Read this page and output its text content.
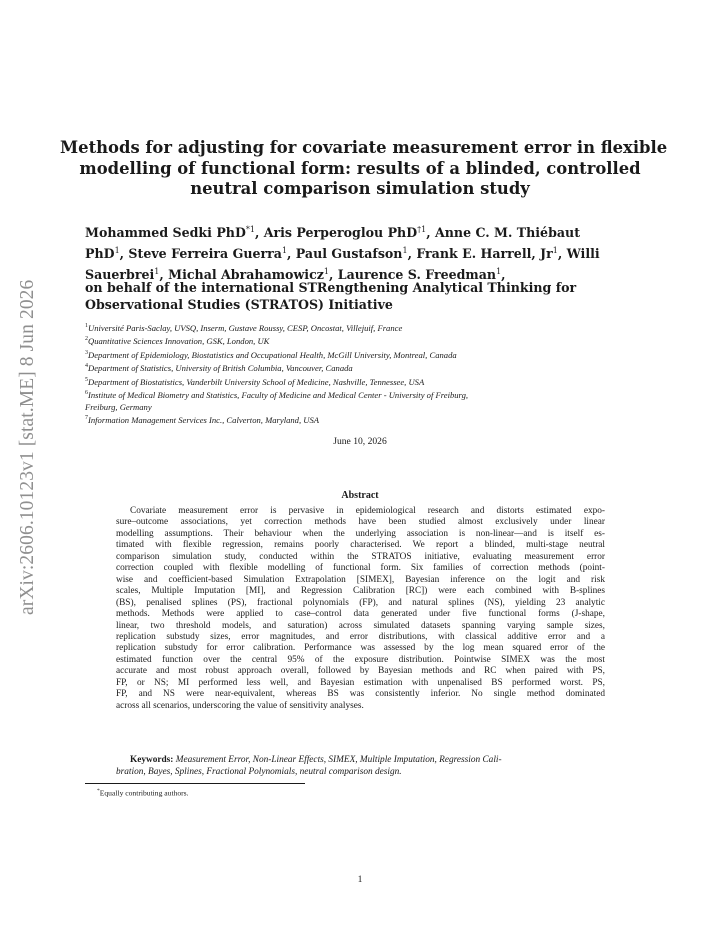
arXiv:2606.10123v1 [stat.ME] 8 Jun 2026
Methods for adjusting for covariate measurement error in flexible
modelling of functional form: results of a blinded, controlled
neutral comparison simulation study
Mohammed Sedki PhD$^{*1}$, Aris Perperoglou PhD$^{\dagger 1}$, Anne C. M. Thiébaut
PhD$^1$, Steve Ferreira Guerra$^1$, Paul Gustafson$^1$, Frank E. Harrell, Jr$^1$, Willi
Sauerbrei$^1$, Michal Abrahamowicz$^1$, Laurence S. Freedman$^1$,
on behalf of the international STRengthening Analytical Thinking for
Observational Studies (STRATOS) Initiative
$^1$Université Paris-Saclay, UVSQ, Inserm, Gustave Roussy, CESP, Oncostat, Villejuif, France
$^2$Quantitative Sciences Innovation, GSK, London, UK
$^3$Department of Epidemiology, Biostatistics and Occupational Health, McGill University, Montreal, Canada
$^4$Department of Statistics, University of British Columbia, Vancouver, Canada
$^5$Department of Biostatistics, Vanderbilt University School of Medicine, Nashville, Tennessee, USA
$^6$Institute of Medical Biometry and Statistics, Faculty of Medicine and Medical Center - University of Freiburg,
Freiburg, Germany
$^7$Information Management Services Inc., Calverton, Maryland, USA
June 10, 2026
Abstract
Covariate measurement error is pervasive in epidemiological research and distorts estimated expo-
sure–outcome associations, yet correction methods have been studied almost exclusively under linear
modelling assumptions. Their behaviour when the underlying association is non-linear—and is itself es-
timated with flexible regression, remains poorly characterised. We report a blinded, multi-stage neutral
comparison simulation study, conducted within the STRATOS initiative, evaluating measurement error
correction coupled with flexible modelling of functional form. Six families of correction methods (point-
wise and coefficient-based Simulation Extrapolation [SIMEX], Bayesian inference on the logit and risk
scales, Multiple Imputation [MI], and Regression Calibration [RC]) were each combined with B-splines
(BS), penalised splines (PS), fractional polynomials (FP), and natural splines (NS), yielding 23 analytic
methods. Methods were applied to case–control data generated under five functional forms (J-shape,
linear, two threshold models, and saturation) across simulated datasets spanning varying sample sizes,
replication substudy sizes, error magnitudes, and error distributions, with classical additive error and a
replication substudy for error calibration. Performance was assessed by the log mean squared error of the
estimated function over the central 95% of the exposure distribution. Pointwise SIMEX was the most
accurate and most robust approach overall, followed by Bayesian methods and RC when paired with PS,
FP, or NS; MI performed less well, and Bayesian estimation with unpenalised BS performed worst. PS,
FP, and NS were near-equivalent, whereas BS was consistently inferior. No single method dominated
across all scenarios, underscoring the value of sensitivity analyses.
Keywords: Measurement Error, Non-Linear Effects, SIMEX, Multiple Imputation, Regression Cali-
bration, Bayes, Splines, Fractional Polynomials, neutral comparison design.
*Equally contributing authors.
1
